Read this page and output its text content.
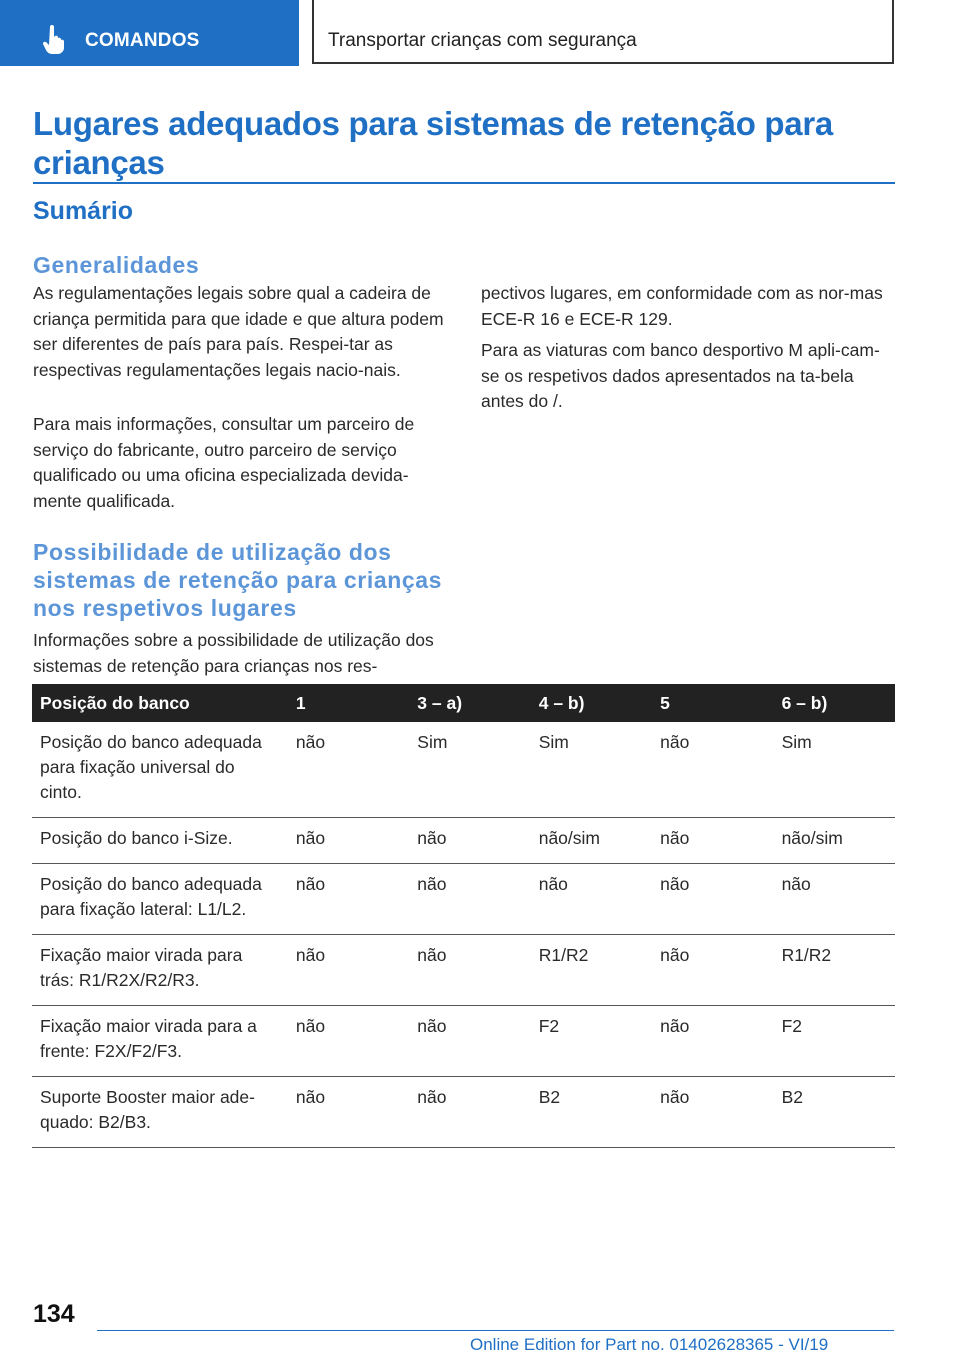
COMANDOS	Transportar crianças com segurança
Lugares adequados para sistemas de retenção para crianças
Sumário
Generalidades

As regulamentações legais sobre qual a cadeira de criança permitida para que idade e que altura podem ser diferentes de país para país. Respei-tar as respectivas regulamentações legais nacio-nais.

Para mais informações, consultar um parceiro de serviço do fabricante, outro parceiro de serviço qualificado ou uma oficina especializada devida-mente qualificada.

Possibilidade de utilização dos sistemas de retenção para crianças nos respetivos lugares

Informações sobre a possibilidade de utilização dos sistemas de retenção para crianças nos res-

pectivos lugares, em conformidade com as nor-mas ECE-R 16 e ECE-R 129.

Para as viaturas com banco desportivo M apli-cam-se os respetivos dados apresentados na ta-bela antes do /.

Posição do banco	1	3 – a)	4 – b)	5	6 – b)
Posição do banco adequada para fixação universal do cinto.	não	Sim	Sim	não	Sim
Posição do banco i-Size.	não	não	não/sim	não	não/sim
Posição do banco adequada para fixação lateral: L1/L2.	não	não	não	não	não
Fixação maior virada para trás: R1/R2X/R2/R3.	não	não	R1/R2	não	R1/R2
Fixação maior virada para a frente: F2X/F2/F3.	não	não	F2	não	F2
Suporte Booster maior ade-quado: B2/B3.	não	não	B2	não	B2
134
Online Edition for Part no. 01402628365 - VI/19
